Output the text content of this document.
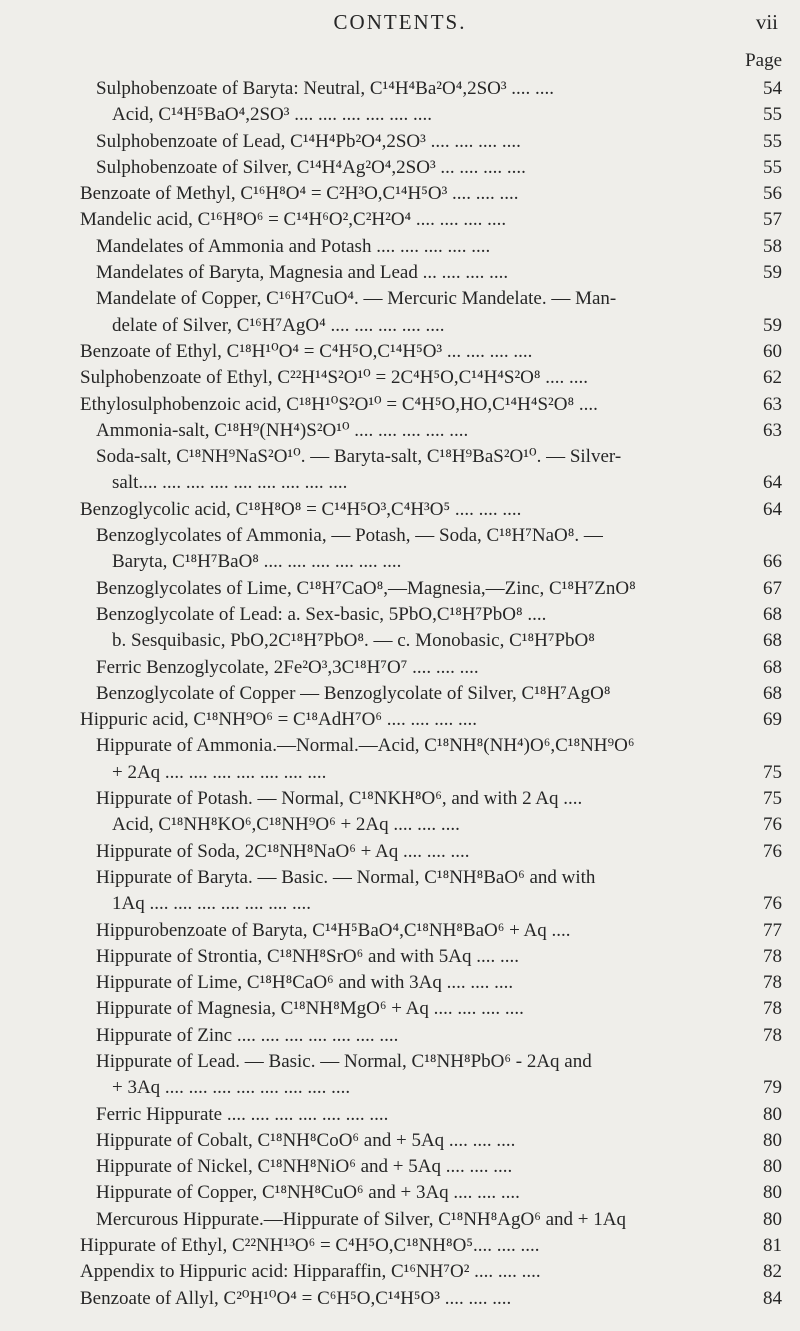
CONTENTS.	vii
Page
Sulphobenzoate of Baryta: Neutral, C¹⁴H⁴Ba²O⁴,2SO³ .... ....	54
Acid, C¹⁴H⁵BaO⁴,2SO³ .... .... .... .... .... ....	55
Sulphobenzoate of Lead, C¹⁴H⁴Pb²O⁴,2SO³ .... .... .... ....	55
Sulphobenzoate of Silver, C¹⁴H⁴Ag²O⁴,2SO³ ... .... .... ....	55
Benzoate of Methyl, C¹⁶H⁸O⁴ = C²H³O,C¹⁴H⁵O³ .... .... ....	56
Mandelic acid, C¹⁶H⁸O⁶ = C¹⁴H⁶O²,C²H²O⁴ .... .... .... ....	57
Mandelates of Ammonia and Potash .... .... .... .... ....	58
Mandelates of Baryta, Magnesia and Lead ... .... .... ....	59
Mandelate of Copper, C¹⁶H⁷CuO⁴. — Mercuric Mandelate. — Man-
delate of Silver, C¹⁶H⁷AgO⁴ .... .... .... .... ....	59
Benzoate of Ethyl, C¹⁸H¹⁰O⁴ = C⁴H⁵O,C¹⁴H⁵O³ ... .... .... ....	60
Sulphobenzoate of Ethyl, C²²H¹⁴S²O¹⁰ = 2C⁴H⁵O,C¹⁴H⁴S²O⁸ .... ....	62
Ethylosulphobenzoic acid, C¹⁸H¹⁰S²O¹⁰ = C⁴H⁵O,HO,C¹⁴H⁴S²O⁸ ....	63
Ammonia-salt, C¹⁸H⁹(NH⁴)S²O¹⁰ .... .... .... .... ....	63
Soda-salt, C¹⁸NH⁹NaS²O¹⁰. — Baryta-salt, C¹⁸H⁹BaS²O¹⁰. — Silver-
salt.... .... .... .... .... .... .... .... ....	64
Benzoglycolic acid, C¹⁸H⁸O⁸ = C¹⁴H⁵O³,C⁴H³O⁵ .... .... ....	64
Benzoglycolates of Ammonia, — Potash, — Soda, C¹⁸H⁷NaO⁸. —
Baryta, C¹⁸H⁷BaO⁸ .... .... .... .... .... ....	66
Benzoglycolates of Lime, C¹⁸H⁷CaO⁸,—Magnesia,—Zinc, C¹⁸H⁷ZnO⁸	67
Benzoglycolate of Lead: a. Sex-basic, 5PbO,C¹⁸H⁷PbO⁸ ....	68
b. Sesquibasic, PbO,2C¹⁸H⁷PbO⁸. — c. Monobasic, C¹⁸H⁷PbO⁸	68
Ferric Benzoglycolate, 2Fe²O³,3C¹⁸H⁷O⁷ .... .... ....	68
Benzoglycolate of Copper — Benzoglycolate of Silver, C¹⁸H⁷AgO⁸	68
Hippuric acid, C¹⁸NH⁹O⁶ = C¹⁸AdH⁷O⁶ .... .... .... ....	69
Hippurate of Ammonia.—Normal.—Acid, C¹⁸NH⁸(NH⁴)O⁶,C¹⁸NH⁹O⁶
+ 2Aq .... .... .... .... .... .... ....	75
Hippurate of Potash. — Normal, C¹⁸NKH⁸O⁶, and with 2 Aq ....	75
Acid, C¹⁸NH⁸KO⁶,C¹⁸NH⁹O⁶ + 2Aq .... .... ....	76
Hippurate of Soda, 2C¹⁸NH⁸NaO⁶ + Aq .... .... ....	76
Hippurate of Baryta. — Basic. — Normal, C¹⁸NH⁸BaO⁶ and with
1Aq .... .... .... .... .... .... ....	76
Hippurobenzoate of Baryta, C¹⁴H⁵BaO⁴,C¹⁸NH⁸BaO⁶ + Aq ....	77
Hippurate of Strontia, C¹⁸NH⁸SrO⁶ and with 5Aq .... ....	78
Hippurate of Lime, C¹⁸H⁸CaO⁶ and with 3Aq .... .... ....	78
Hippurate of Magnesia, C¹⁸NH⁸MgO⁶ + Aq .... .... .... ....	78
Hippurate of Zinc .... .... .... .... .... .... ....	78
Hippurate of Lead. — Basic. — Normal, C¹⁸NH⁸PbO⁶ - 2Aq and
+ 3Aq .... .... .... .... .... .... .... ....	79
Ferric Hippurate .... .... .... .... .... .... ....	80
Hippurate of Cobalt, C¹⁸NH⁸CoO⁶ and + 5Aq .... .... ....	80
Hippurate of Nickel, C¹⁸NH⁸NiO⁶ and + 5Aq .... .... ....	80
Hippurate of Copper, C¹⁸NH⁸CuO⁶ and + 3Aq .... .... ....	80
Mercurous Hippurate.—Hippurate of Silver, C¹⁸NH⁸AgO⁶ and + 1Aq	80
Hippurate of Ethyl, C²²NH¹³O⁶ = C⁴H⁵O,C¹⁸NH⁸O⁵.... .... ....	81
Appendix to Hippuric acid: Hipparaffin, C¹⁶NH⁷O² .... .... ....	82
Benzoate of Allyl, C²⁰H¹⁰O⁴ = C⁶H⁵O,C¹⁴H⁵O³ .... .... ....	84
